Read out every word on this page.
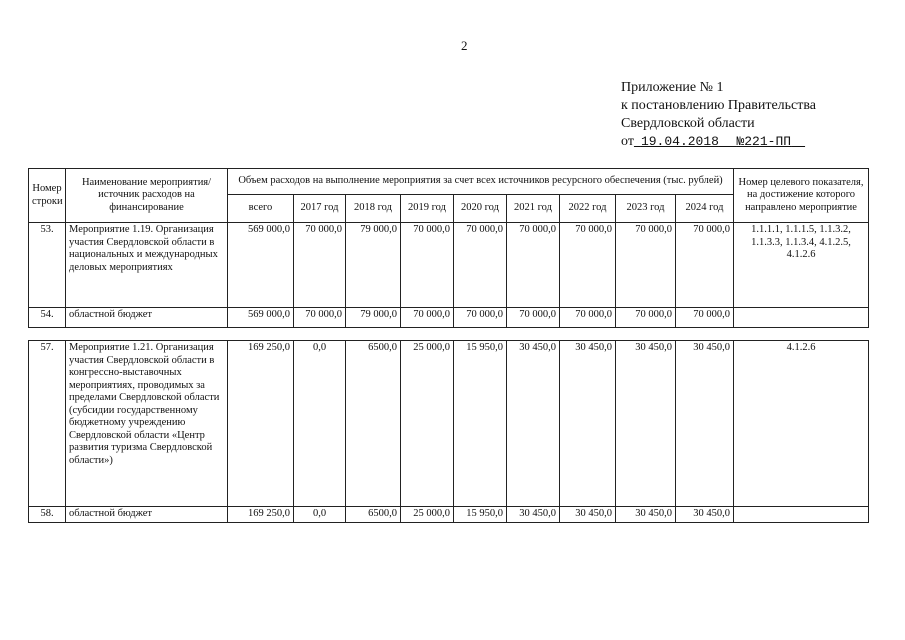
2
Приложение № 1
к постановлению Правительства
Свердловской области
от 19.04.2018 №221-ПП
Номер строки	Наименование мероприятия/источник расходов на финансирование	Объем расходов на выполнение мероприятия за счет всех источников ресурсного обеспечения (тыс. рублей)									Номер целевого показателя, на достижение которого направлено мероприятие
		всего	2017 год	2018 год	2019 год	2020 год	2021 год	2022 год	2023 год	2024 год	
53.	Мероприятие 1.19. Организация участия Свердловской области в национальных и международных деловых мероприятиях	569 000,0	70 000,0	79 000,0	70 000,0	70 000,0	70 000,0	70 000,0	70 000,0	70 000,0	1.1.1.1, 1.1.1.5, 1.1.3.2, 1.1.3.3, 1.1.3.4, 4.1.2.5, 4.1.2.6
54.	областной бюджет	569 000,0	70 000,0	79 000,0	70 000,0	70 000,0	70 000,0	70 000,0	70 000,0	70 000,0	
57.	Мероприятие 1.21. Организация участия Свердловской области в конгрессно-выставочных мероприятиях, проводимых за пределами Свердловской области (субсидии государственному бюджетному учреждению Свердловской области «Центр развития туризма Свердловской области»)	169 250,0	0,0	6500,0	25 000,0	15 950,0	30 450,0	30 450,0	30 450,0	30 450,0	4.1.2.6
58.	областной бюджет	169 250,0	0,0	6500,0	25 000,0	15 950,0	30 450,0	30 450,0	30 450,0	30 450,0	
